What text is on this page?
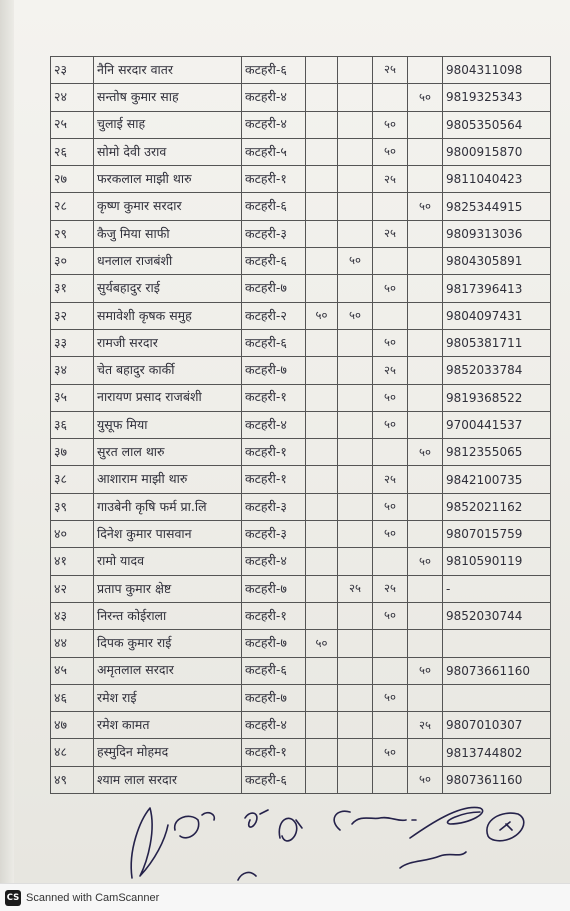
२३	नैनि सरदार वातर	कटहरी-६			२५		9804311098
२४	सन्तोष कुमार साह	कटहरी-४				५०	9819325343
२५	चुलाई साह	कटहरी-४			५०		9805350564
२६	सोमो देवी उराव	कटहरी-५			५०		9800915870
२७	फरकलाल माझी थारु	कटहरी-१			२५		9811040423
२८	कृष्ण कुमार सरदार	कटहरी-६				५०	9825344915
२९	कैजु मिया साफी	कटहरी-३			२५		9809313036
३०	धनलाल राजबंशी	कटहरी-६		५०			9804305891
३१	सुर्यबहादुर राई	कटहरी-७			५०		9817396413
३२	समावेशी कृषक समुह	कटहरी-२	५०	५०			9804097431
३३	रामजी सरदार	कटहरी-६			५०		9805381711
३४	चेत बहादुर कार्की	कटहरी-७			२५		9852033784
३५	नारायण प्रसाद राजबंशी	कटहरी-१			५०		9819368522
३६	युसूफ मिया	कटहरी-४			५०		9700441537
३७	सुरत लाल थारु	कटहरी-१				५०	9812355065
३८	आशाराम माझी थारु	कटहरी-१			२५		9842100735
३९	गाउबेनी कृषि फर्म प्रा.लि	कटहरी-३			५०		9852021162
४०	दिनेश कुमार पासवान	कटहरी-३			५०		9807015759
४१	रामो यादव	कटहरी-४				५०	9810590119
४२	प्रताप कुमार क्षेष्ट	कटहरी-७		२५	२५		-
४३	निरन्त कोईराला	कटहरी-१			५०		9852030744
४४	दिपक कुमार राई	कटहरी-७	५०				
४५	अमृतलाल सरदार	कटहरी-६				५०	98073661160
४६	रमेश राई	कटहरी-७			५०		
४७	रमेश कामत	कटहरी-४				२५	9807010307
४८	हस्मुदिन मोहमद	कटहरी-१			५०		9813744802
४९	श्याम लाल सरदार	कटहरी-६				५०	9807361160
CS Scanned with CamScanner
